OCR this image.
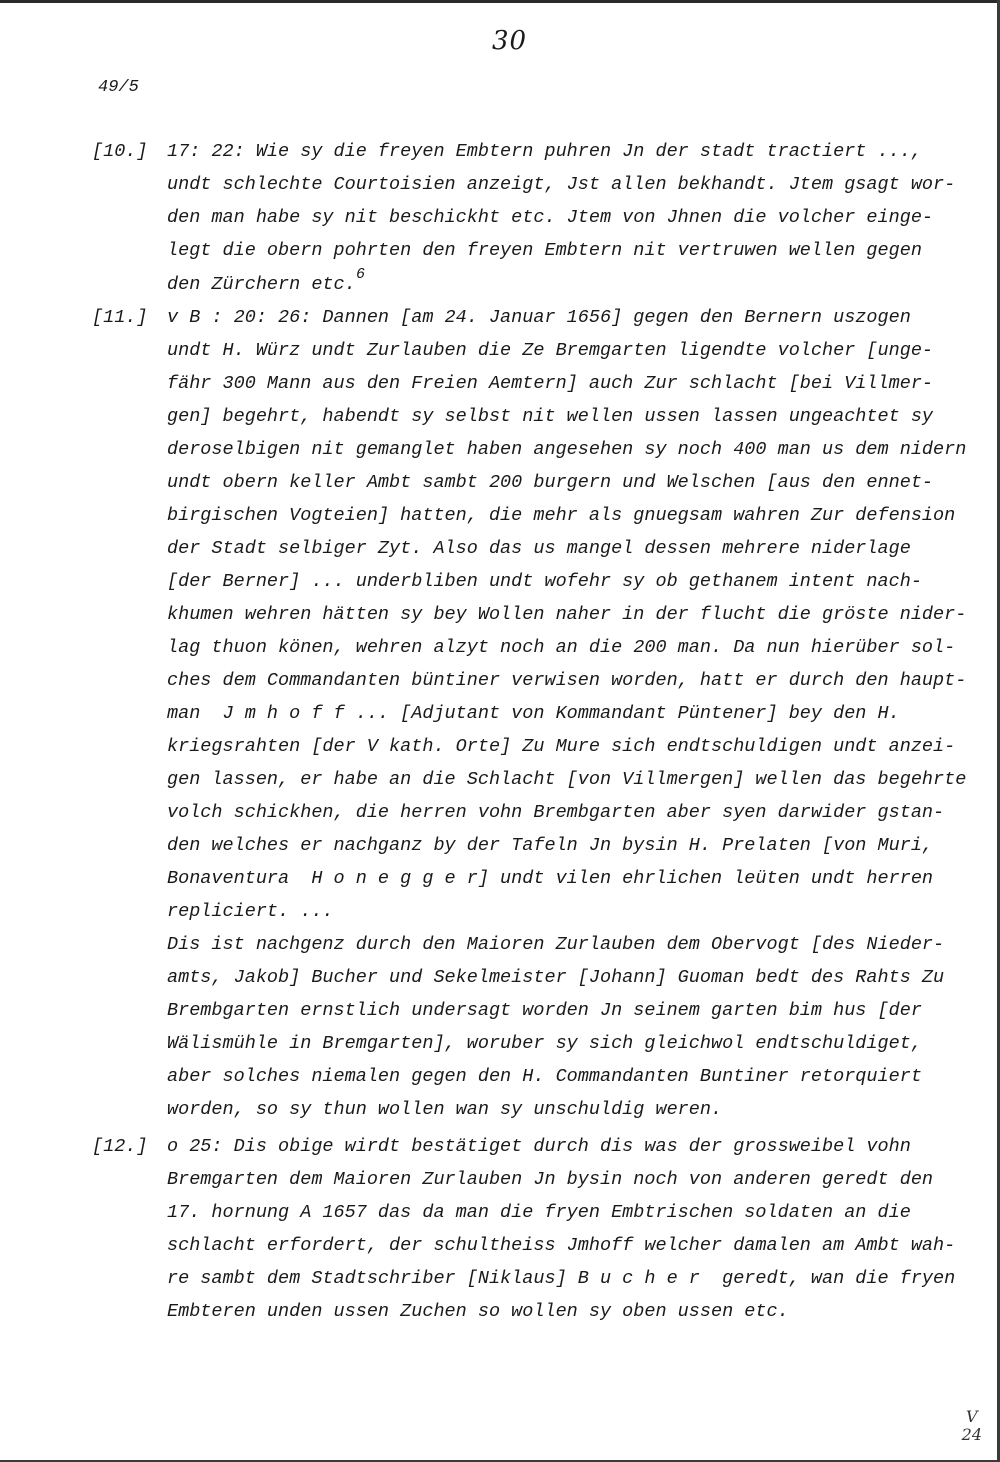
30
49/5
[10.] 17: 22: Wie sy die freyen Embtern puhren Jn der stadt tractiert ...,
undt schlechte Courtoisien anzeigt, Jst allen bekhandt. Jtem gsagt wor-
den man habe sy nit beschickht etc. Jtem von Jhnen die volcher einge-
legt die obern pohrten den freyen Embtern nit vertruwen wellen gegen
den Zürchern etc. 6
[11.] v B : 20: 26: Dannen [am 24. Januar 1656] gegen den Bernern uszogen
undt H. Würz undt Zurlauben die Ze Bremgarten ligendte volcher [unge-
fähr 300 Mann aus den Freien Aemtern] auch Zur schlacht [bei Villmer-
gen] begehrt, habendt sy selbst nit wellen ussen lassen ungeachtet sy
deroselbigen nit gemanglet haben angesehen sy noch 400 man us dem nidern
undt obern keller Ambt sambt 200 burgern und Welschen [aus den ennet-
birgischen Vogteien] hatten, die mehr als gnuegsam wahren Zur defension
der Stadt selbiger Zyt. Also das us mangel dessen mehrere niderlage
[der Berner] ... underbliben undt wofehr sy ob gethanem intent nach-
khumen wehren hätten sy bey Wollen naher in der flucht die gröste nider-
lag thuon könen, wehren alzyt noch an die 200 man. Da nun hierüber sol-
ches dem Commandanten büntiner verwisen worden, hatt er durch den haupt-
man  J m h o f f ... [Adjutant von Kommandant Püntener] bey den H.
kriegsrahten [der V kath. Orte] Zu Mure sich endtschuldigen undt anzei-
gen lassen, er habe an die Schlacht [von Villmergen] wellen das begehrte
volch schickhen, die herren vohn Brembgarten aber syen darwider gstan-
den welches er nachganz by der Tafeln Jn bysin H. Prelaten [von Muri,
Bonaventura  H o n e g g e r] undt vilen ehrlichen leüten undt herren
repliciert. ...
Dis ist nachgenz durch den Maioren Zurlauben dem Obervogt [des Nieder-
amts, Jakob] Bucher und Sekelmeister [Johann] Guoman bedt des Rahts Zu
Brembgarten ernstlich undersagt worden Jn seinem garten bim hus [der
Wälismühle in Bremgarten], woruber sy sich gleichwol endtschuldiget,
aber solches niemalen gegen den H. Commandanten Buntiner retorquiert
worden, so sy thun wollen wan sy unschuldig weren.
[12.] o 25: Dis obige wirdt bestätiget durch dis was der grossweibel vohn
Bremgarten dem Maioren Zurlauben Jn bysin noch von anderen geredt den
17. hornung A 1657 das da man die fryen Embtrischen soldaten an die
schlacht erfordert, der schultheiss Jmhoff welcher damalen am Ambt wah-
re sambt dem Stadtschriber [Niklaus] B u c h e r  geredt, wan die fryen
Embteren unden ussen Zuchen so wollen sy oben ussen etc.
V
24
